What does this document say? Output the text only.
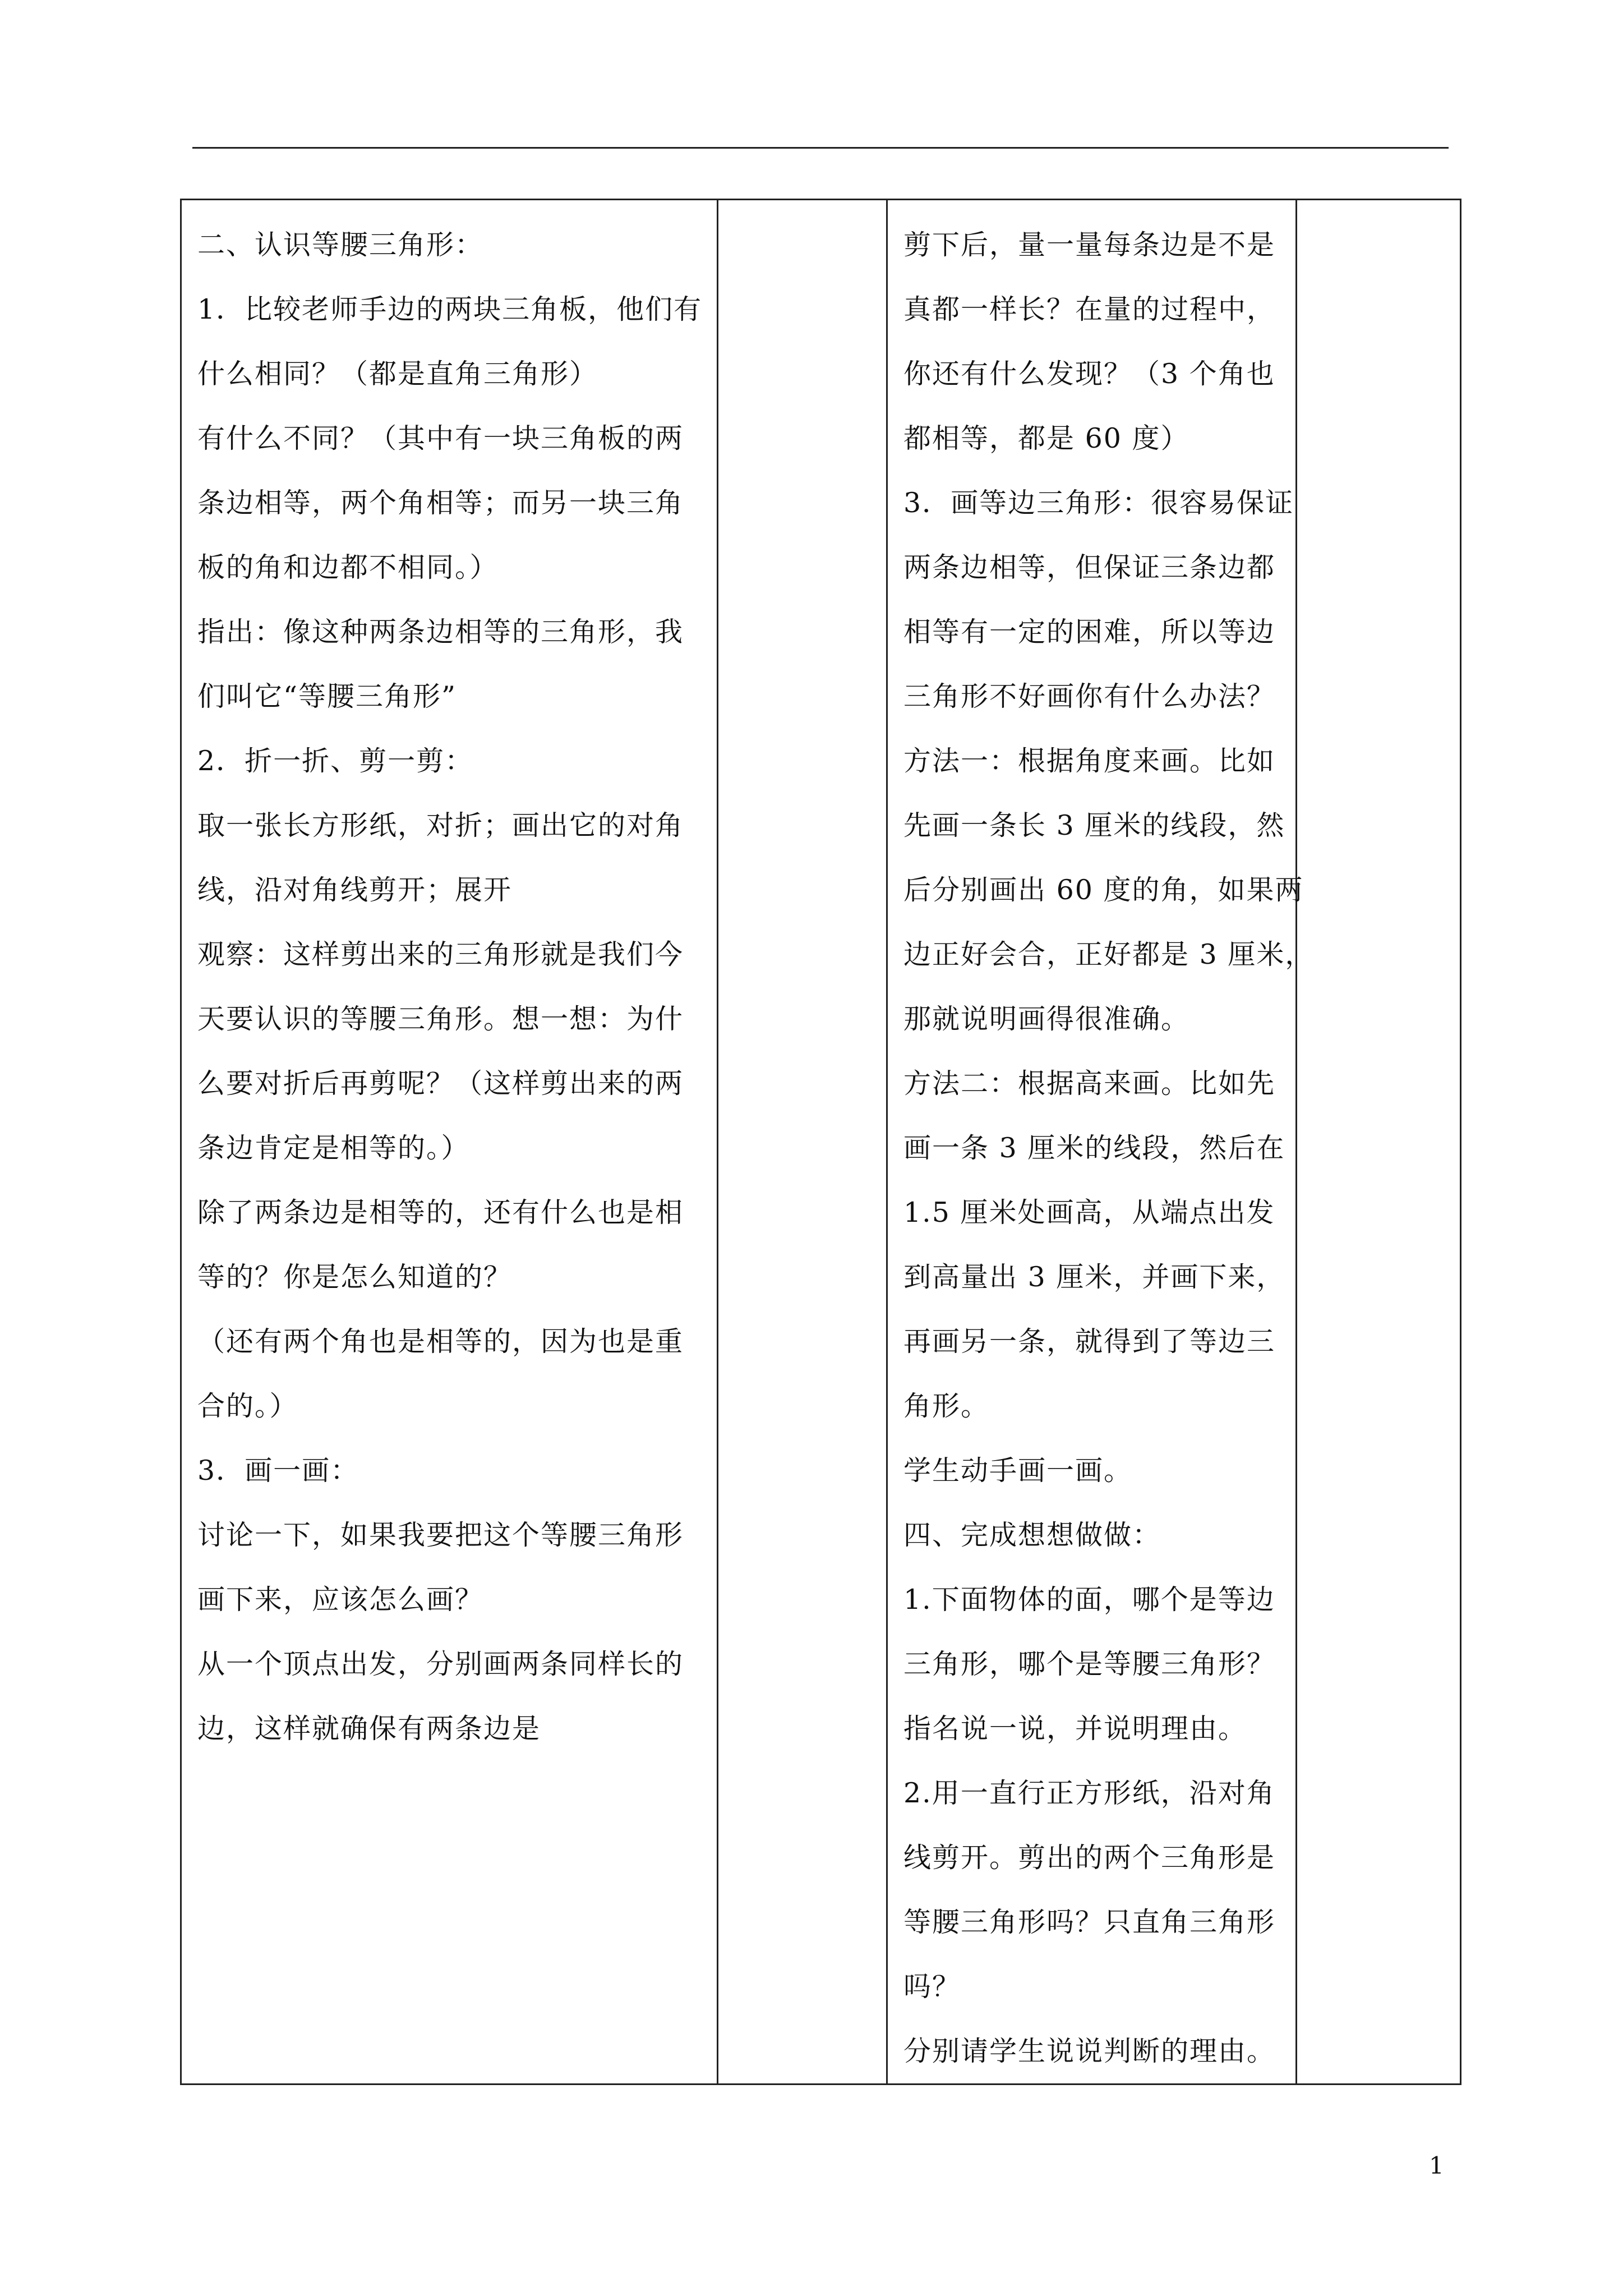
二、认识等腰三角形：
1．比较老师手边的两块三角板，他们有
什么相同？（都是直角三角形）
有什么不同？（其中有一块三角板的两
条边相等，两个角相等；而另一块三角
板的角和边都不相同。）
指出：像这种两条边相等的三角形，我
们叫它“等腰三角形”
2．折一折、剪一剪：
取一张长方形纸，对折；画出它的对角
线，沿对角线剪开；展开
观察：这样剪出来的三角形就是我们今
天要认识的等腰三角形。想一想：为什
么要对折后再剪呢？（这样剪出来的两
条边肯定是相等的。）
除了两条边是相等的，还有什么也是相
等的？你是怎么知道的？
（还有两个角也是相等的，因为也是重
合的。）
3．画一画：
讨论一下，如果我要把这个等腰三角形
画下来，应该怎么画？
从一个顶点出发，分别画两条同样长的
边，这样就确保有两条边是

剪下后，量一量每条边是不是
真都一样长？在量的过程中，
你还有什么发现？（3 个角也
都相等，都是 60 度）
3．画等边三角形：很容易保证
两条边相等，但保证三条边都
相等有一定的困难，所以等边
三角形不好画你有什么办法？
方法一：根据角度来画。比如
先画一条长 3 厘米的线段，然
后分别画出 60 度的角，如果两
边正好会合，正好都是 3 厘米，
那就说明画得很准确。
方法二：根据高来画。比如先
画一条 3 厘米的线段，然后在
1.5 厘米处画高，从端点出发
到高量出 3 厘米，并画下来，
再画另一条，就得到了等边三
角形。
学生动手画一画。
四、完成想想做做：
1.下面物体的面，哪个是等边
三角形，哪个是等腰三角形？
指名说一说，并说明理由。
2.用一直行正方形纸，沿对角
线剪开。剪出的两个三角形是
等腰三角形吗？只直角三角形
吗？
分别请学生说说判断的理由。

1
